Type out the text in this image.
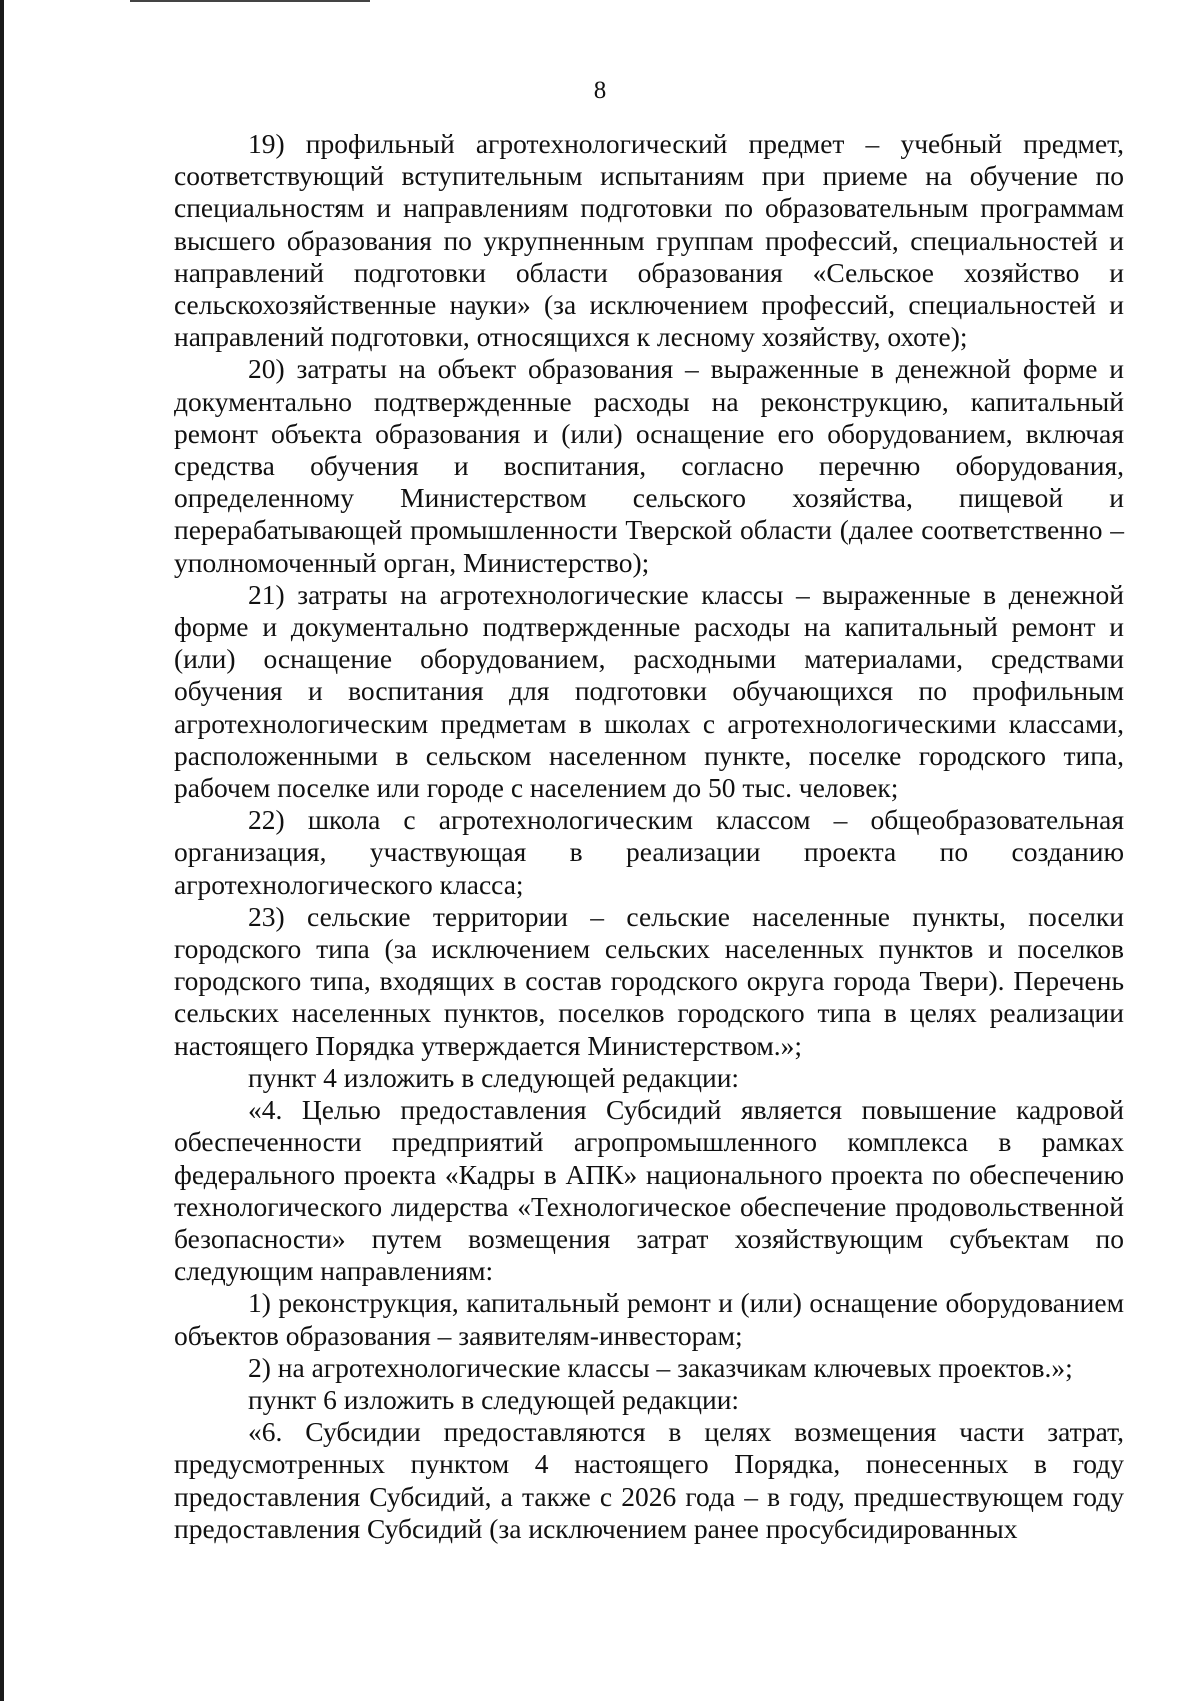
8

19) профильный агротехнологический предмет – учебный предмет, соответствующий вступительным испытаниям при приеме на обучение по специальностям и направлениям подготовки по образовательным программам высшего образования по укрупненным группам профессий, специальностей и направлений подготовки области образования «Сельское хозяйство и сельскохозяйственные науки» (за исключением профессий, специальностей и направлений подготовки, относящихся к лесному хозяйству, охоте);

20) затраты на объект образования – выраженные в денежной форме и документально подтвержденные расходы на реконструкцию, капитальный ремонт объекта образования и (или) оснащение его оборудованием, включая средства обучения и воспитания, согласно перечню оборудования, определенному Министерством сельского хозяйства, пищевой и перерабатывающей промышленности Тверской области (далее соответственно – уполномоченный орган, Министерство);

21) затраты на агротехнологические классы – выраженные в денежной форме и документально подтвержденные расходы на капитальный ремонт и (или) оснащение оборудованием, расходными материалами, средствами обучения и воспитания для подготовки обучающихся по профильным агротехнологическим предметам в школах с агротехнологическими классами, расположенными в сельском населенном пункте, поселке городского типа, рабочем поселке или городе с населением до 50 тыс. человек;

22) школа с агротехнологическим классом – общеобразовательная организация, участвующая в реализации проекта по созданию агротехнологического класса;

23) сельские территории – сельские населенные пункты, поселки городского типа (за исключением сельских населенных пунктов и поселков городского типа, входящих в состав городского округа города Твери). Перечень сельских населенных пунктов, поселков городского типа в целях реализации настоящего Порядка утверждается Министерством.»;

пункт 4 изложить в следующей редакции:

«4. Целью предоставления Субсидий является повышение кадровой обеспеченности предприятий агропромышленного комплекса в рамках федерального проекта «Кадры в АПК» национального проекта по обеспечению технологического лидерства «Технологическое обеспечение продовольственной безопасности» путем возмещения затрат хозяйствующим субъектам по следующим направлениям:

1) реконструкция, капитальный ремонт и (или) оснащение оборудованием объектов образования – заявителям-инвесторам;

2) на агротехнологические классы – заказчикам ключевых проектов.»;

пункт 6 изложить в следующей редакции:

«6. Субсидии предоставляются в целях возмещения части затрат, предусмотренных пунктом 4 настоящего Порядка, понесенных в году предоставления Субсидий, а также с 2026 года – в году, предшествующем году предоставления Субсидий (за исключением ранее просубсидированных
